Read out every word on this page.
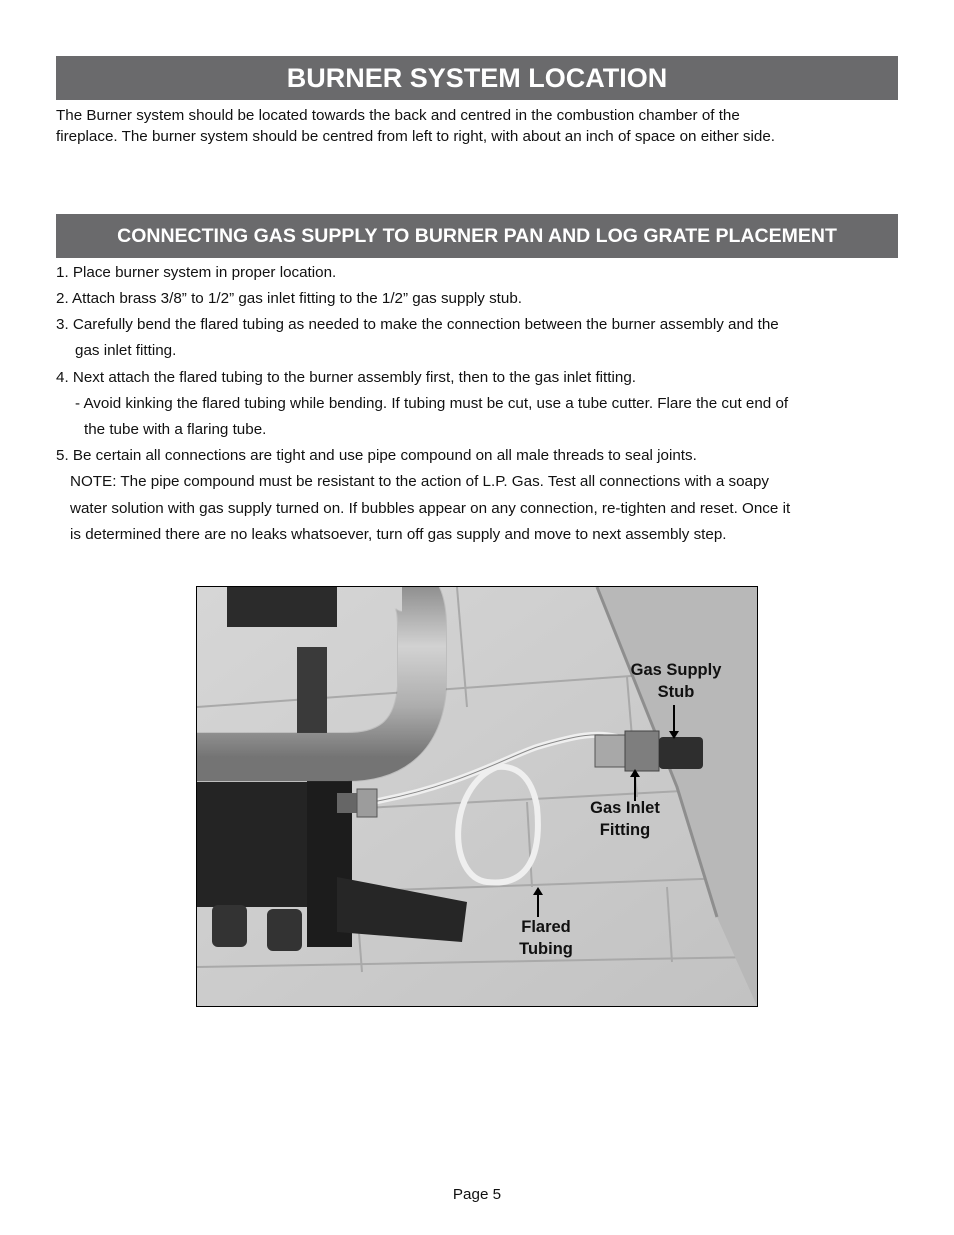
BURNER SYSTEM LOCATION
The Burner system should be located towards the back and centred in the combustion chamber of the
fireplace. The burner system should be centred from left to right, with about an inch of space on either side.
CONNECTING GAS SUPPLY TO BURNER PAN AND LOG GRATE PLACEMENT
1. Place burner system in proper location.
2. Attach brass 3/8” to 1/2” gas inlet fitting to the 1/2” gas supply stub.
3. Carefully bend the flared tubing as needed to make the connection between the burner assembly and the
gas inlet fitting.
4. Next attach the flared tubing to the burner assembly first, then to the gas inlet fitting.
- Avoid kinking the flared tubing while bending. If tubing must be cut, use a tube cutter. Flare the cut end of
the tube with a flaring tube.
5. Be certain all connections are tight and use pipe compound on all male threads to seal joints.
NOTE: The pipe compound must be resistant to the action of L.P. Gas. Test all connections with a soapy
water solution with gas supply turned on. If bubbles appear on any connection, re-tighten and reset. Once it
is determined there are no leaks whatsoever, turn off gas supply and move to next assembly step.
Gas Supply
Stub
Gas Inlet
Fitting
Flared
Tubing
Page 5
